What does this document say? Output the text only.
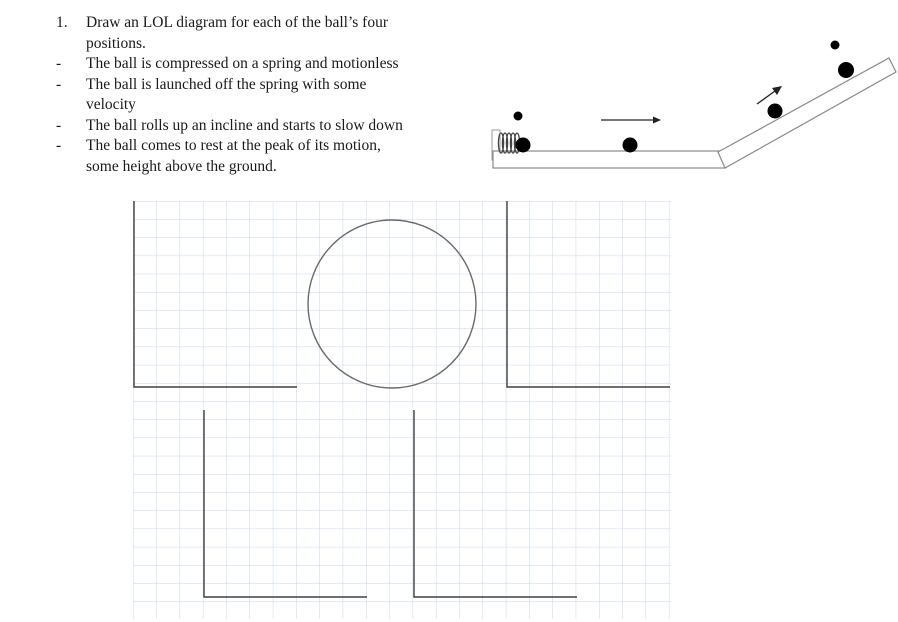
1.	Draw an LOL diagram for each of the ball’s four
positions.
-	The ball is compressed on a spring and motionless
-	The ball is launched off the spring with some
velocity
-	The ball rolls up an incline and starts to slow down
-	The ball comes to rest at the peak of its motion,
some height above the ground.
